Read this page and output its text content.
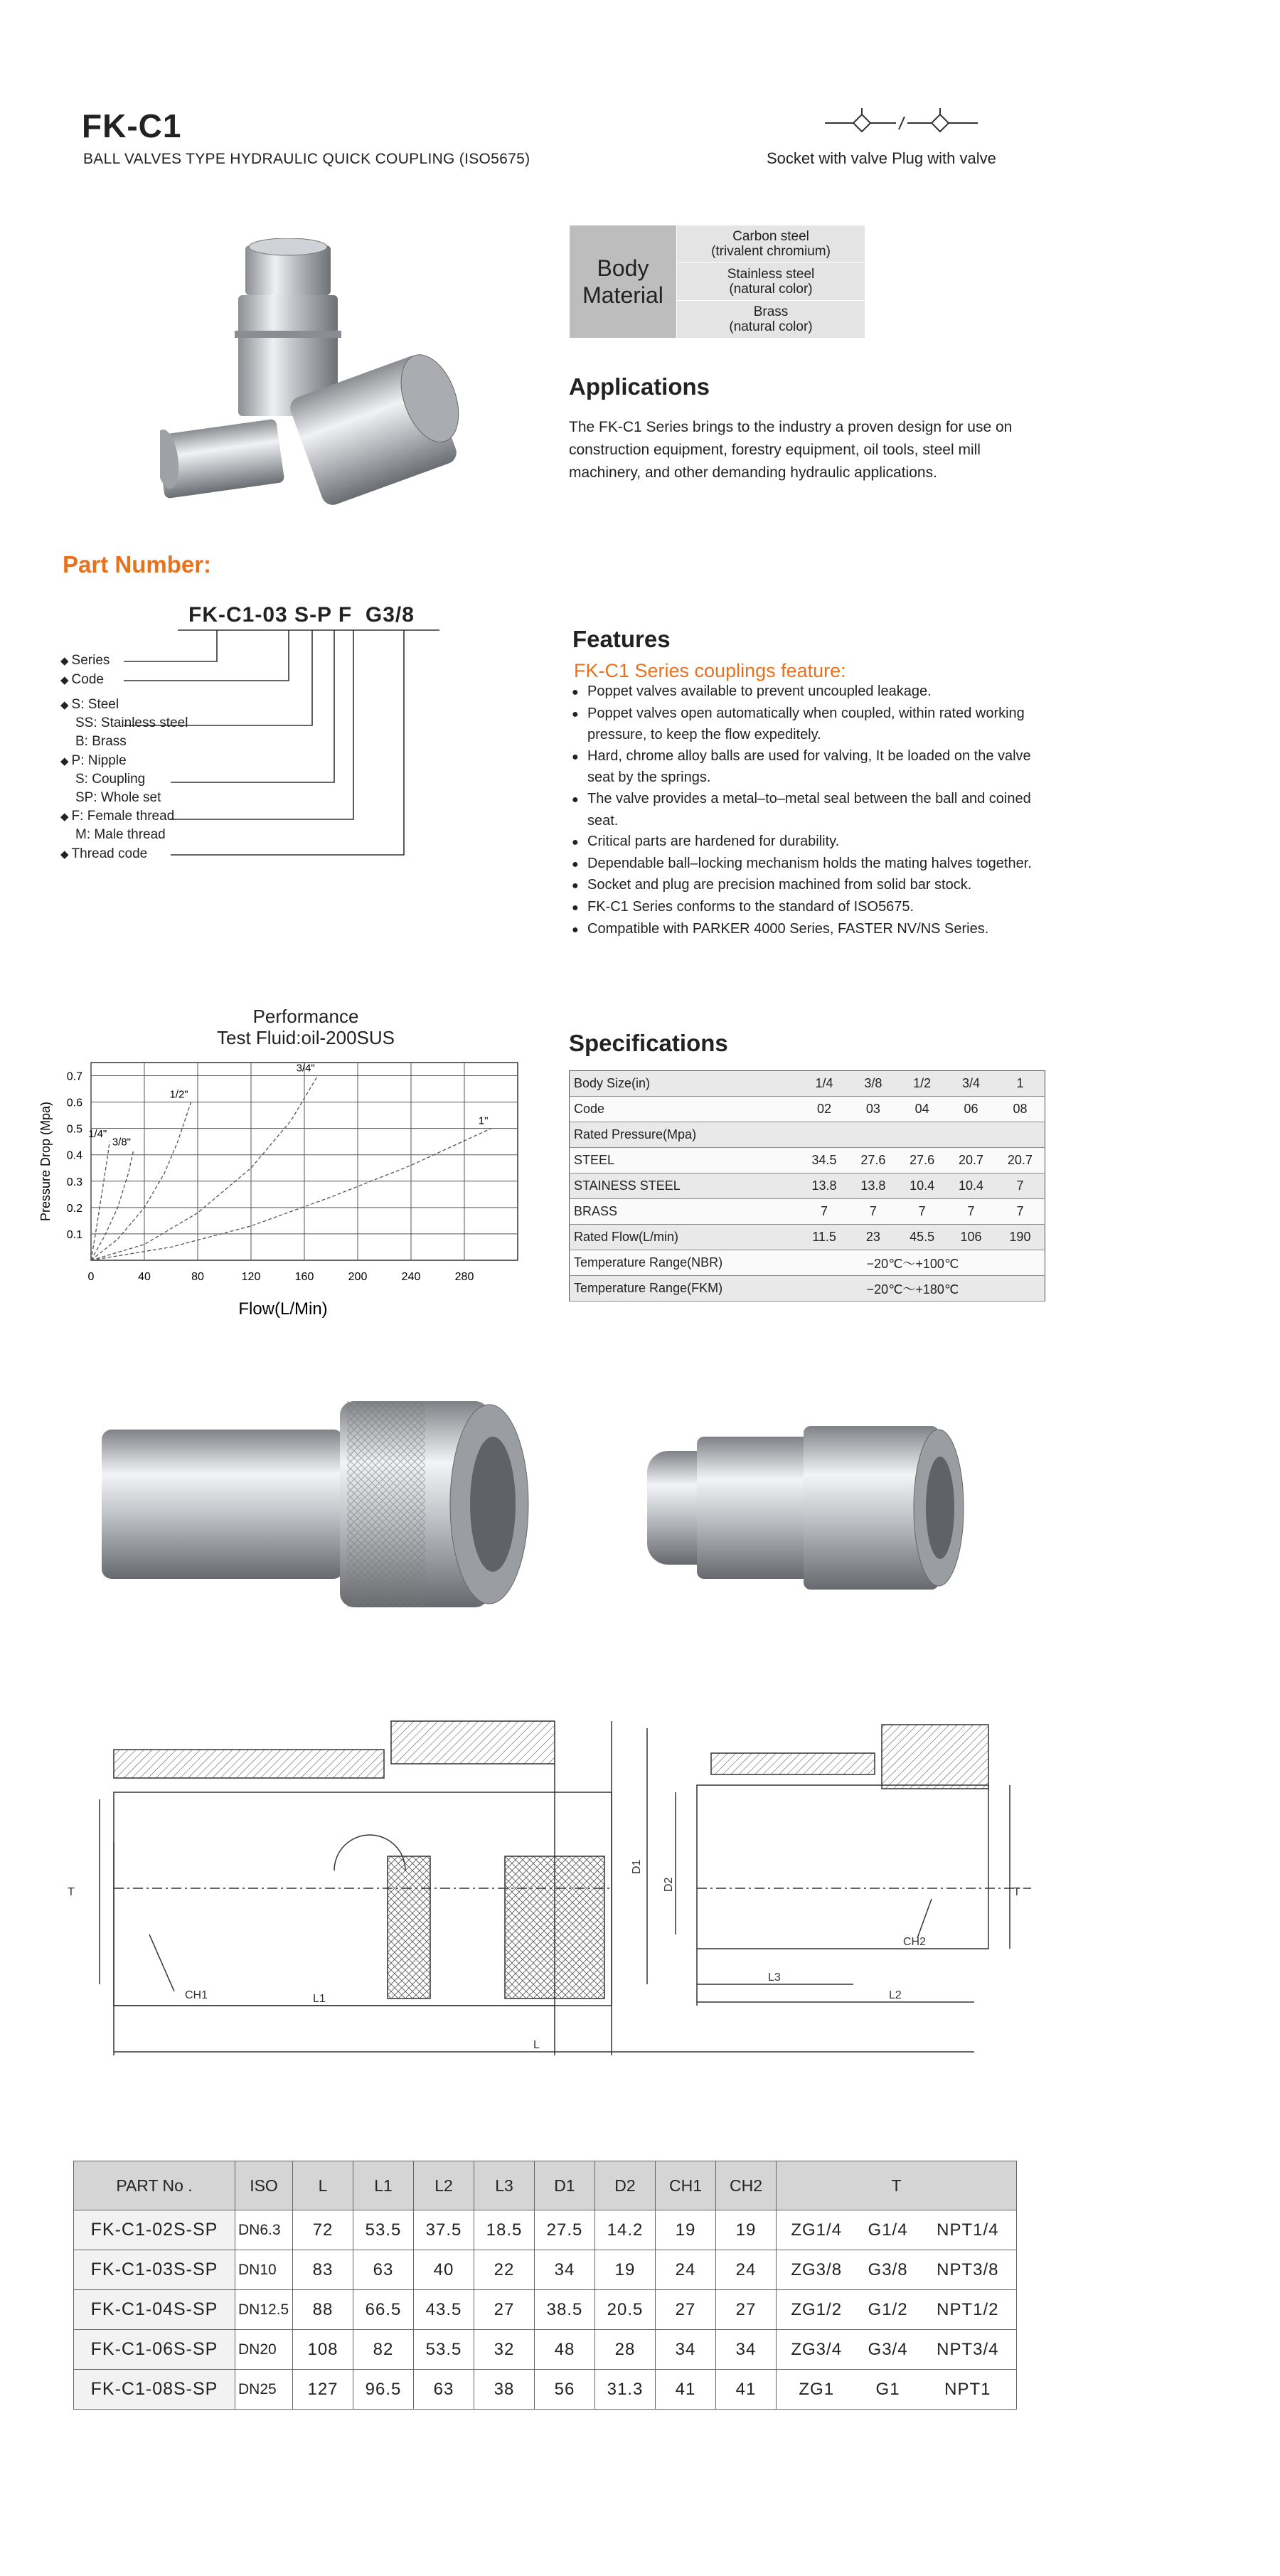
FK-C1
BALL VALVES TYPE HYDRAULIC QUICK COUPLING (ISO5675)	Socket with valve Plug with valve
Body Material	Carbon steel
(trivalent chromium)
Stainless steel
(natural color)
Brass
(natural color)
Applications

The FK-C1 Series brings to the industry a proven design for use on construction equipment, forestry equipment, oil tools, steel mill machinery, and other demanding hydraulic applications.

Part Number:
FK-C1-03 S-P F G3/8
◆ Series
◆ Code
◆ S: Steel
SS: Stainless steel
B: Brass
◆ P: Nipple
S: Coupling
SP: Whole set
◆ F: Female thread
M: Male thread
◆ Thread code
Features
FK-C1 Series couplings feature:
● Poppet valves available to prevent uncoupled leakage.
● Poppet valves open automatically when coupled, within rated working pressure, to keep the flow expeditely.
● Hard, chrome alloy balls are used for valving, It be loaded on the valve seat by the springs.
● The valve provides a metal–to–metal seal between the ball and coined seat.
● Critical parts are hardened for durability.
● Dependable ball–locking mechanism holds the mating halves together.
● Socket and plug are precision machined from solid bar stock.
● FK-C1 Series conforms to the standard of ISO5675.
● Compatible with PARKER 4000 Series, FASTER NV/NS Series.
Performance
Test Fluid:oil-200SUS
1/4"
3/8"
1/2"
3/4"
1"
0	40	80	120	160	200	240	280
0.1
0.2
0.3
0.4
0.5
0.6
0.7
Flow(L/Min)
Pressure Drop (Mpa)
Specifications
Body Size(in)	1/4	3/8	1/2	3/4	1
Code	02	03	04	06	08
Rated Pressure(Mpa)					
STEEL	34.5	27.6	27.6	20.7	20.7
STAINESS STEEL	13.8	13.8	10.4	10.4	7
BRASS	7	7	7	7	7
Rated Flow(L/min)	11.5	23	45.5	106	190
Temperature Range(NBR)	−20℃～+100℃				
Temperature Range(FKM)	−20℃～+180℃				
T
D1
CH1	L1
L
D2
T
L3
CH2
L2
PART No .	ISO	L	L1	L2	L3	D1	D2	CH1	CH2	T		
FK-C1-02S-SP	DN6.3	72	53.5	37.5	18.5	27.5	14.2	19	19	ZG1/4	G1/4	NPT1/4
FK-C1-03S-SP	DN10	83	63	40	22	34	19	24	24	ZG3/8	G3/8	NPT3/8
FK-C1-04S-SP	DN12.5	88	66.5	43.5	27	38.5	20.5	27	27	ZG1/2	G1/2	NPT1/2
FK-C1-06S-SP	DN20	108	82	53.5	32	48	28	34	34	ZG3/4	G3/4	NPT3/4
FK-C1-08S-SP	DN25	127	96.5	63	38	56	31.3	41	41	ZG1	G1	NPT1
